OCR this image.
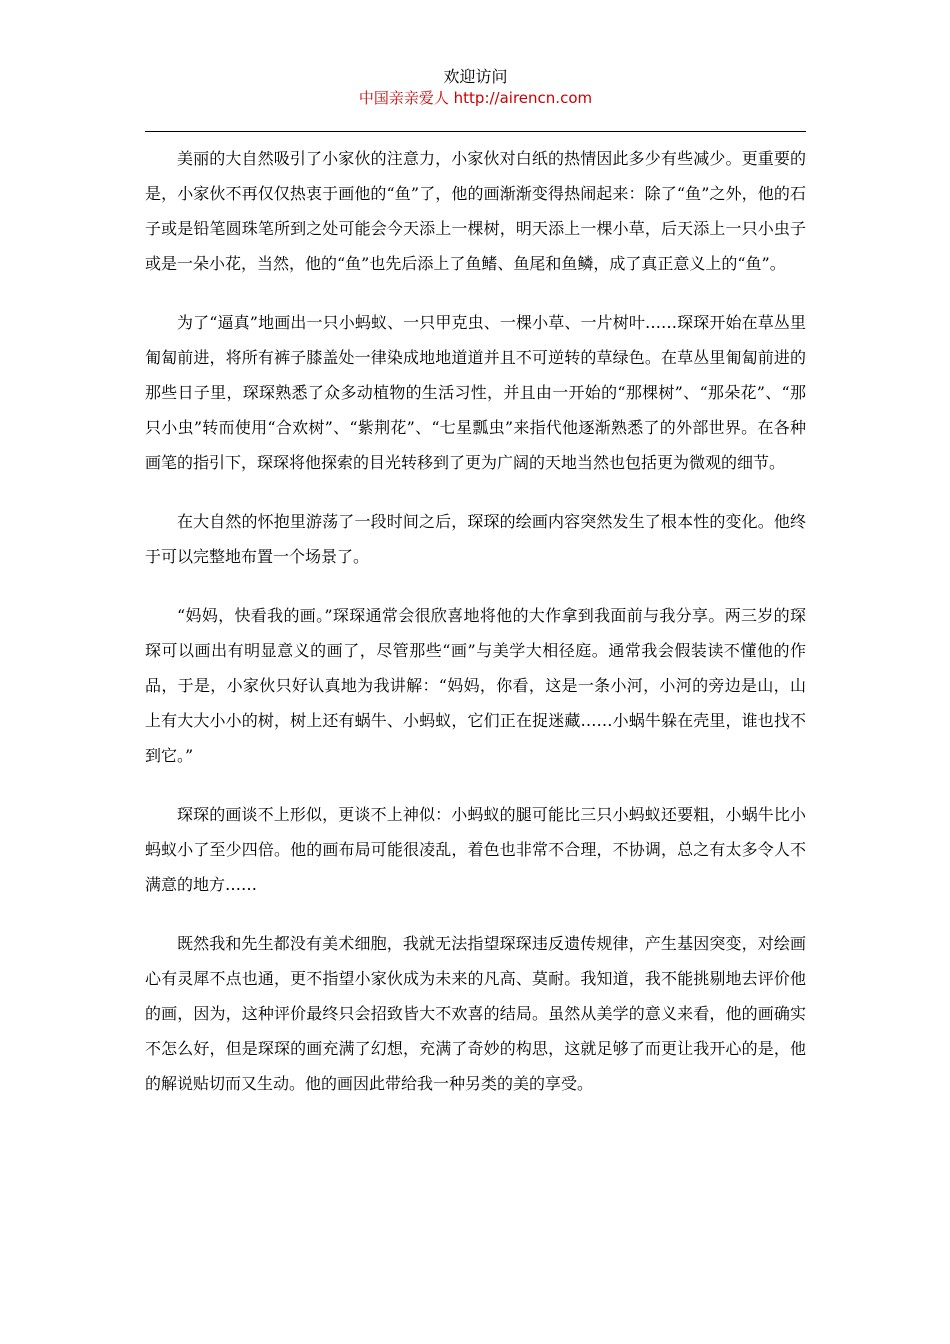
欢迎访问
中国亲亲爱人 http://airencn.com

美丽的大自然吸引了小家伙的注意力，小家伙对白纸的热情因此多少有些减少。更重要的是，小家伙不再仅仅热衷于画他的“鱼”了，他的画渐渐变得热闹起来：除了“鱼”之外，他的石子或是铅笔圆珠笔所到之处可能会今天添上一棵树，明天添上一棵小草，后天添上一只小虫子或是一朵小花，当然，他的“鱼”也先后添上了鱼鳍、鱼尾和鱼鳞，成了真正意义上的“鱼”。

为了“逼真”地画出一只小蚂蚁、一只甲克虫、一棵小草、一片树叶……琛琛开始在草丛里匍匐前进，将所有裤子膝盖处一律染成地地道道并且不可逆转的草绿色。在草丛里匍匐前进的那些日子里，琛琛熟悉了众多动植物的生活习性，并且由一开始的“那棵树”、“那朵花”、“那只小虫”转而使用“合欢树”、“紫荆花”、“七星瓢虫”来指代他逐渐熟悉了的外部世界。在各种画笔的指引下，琛琛将他探索的目光转移到了更为广阔的天地当然也包括更为微观的细节。

在大自然的怀抱里游荡了一段时间之后，琛琛的绘画内容突然发生了根本性的变化。他终于可以完整地布置一个场景了。

“妈妈，快看我的画。”琛琛通常会很欣喜地将他的大作拿到我面前与我分享。两三岁的琛琛可以画出有明显意义的画了，尽管那些“画”与美学大相径庭。通常我会假装读不懂他的作品，于是，小家伙只好认真地为我讲解：“妈妈，你看，这是一条小河，小河的旁边是山，山上有大大小小的树，树上还有蜗牛、小蚂蚁，它们正在捉迷藏……小蜗牛躲在壳里，谁也找不到它。”

琛琛的画谈不上形似，更谈不上神似：小蚂蚁的腿可能比三只小蚂蚁还要粗，小蜗牛比小蚂蚁小了至少四倍。他的画布局可能很凌乱，着色也非常不合理，不协调，总之有太多令人不满意的地方……

既然我和先生都没有美术细胞，我就无法指望琛琛违反遗传规律，产生基因突变，对绘画心有灵犀不点也通，更不指望小家伙成为未来的凡高、莫耐。我知道，我不能挑剔地去评价他的画，因为，这种评价最终只会招致皆大不欢喜的结局。虽然从美学的意义来看，他的画确实不怎么好，但是琛琛的画充满了幻想，充满了奇妙的构思，这就足够了而更让我开心的是，他的解说贴切而又生动。他的画因此带给我一种另类的美的享受。
